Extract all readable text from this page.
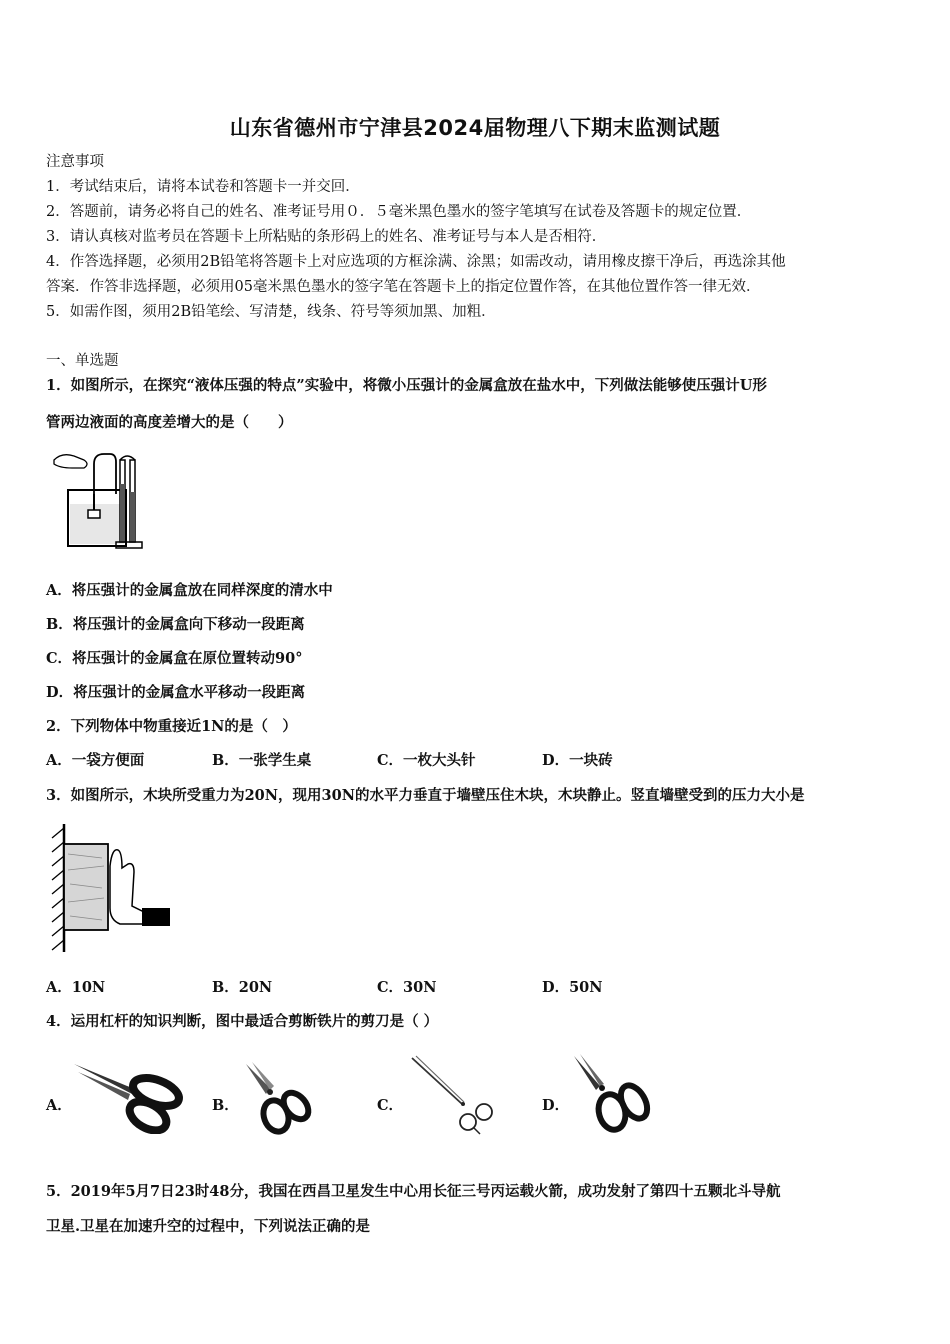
山东省德州市宁津县2024届物理八下期末监测试题
注意事项
1．考试结束后，请将本试卷和答题卡一并交回．
2．答题前，请务必将自己的姓名、准考证号用０．５毫米黑色墨水的签字笔填写在试卷及答题卡的规定位置．
3．请认真核对监考员在答题卡上所粘贴的条形码上的姓名、准考证号与本人是否相符．
4．作答选择题，必须用2B铅笔将答题卡上对应选项的方框涂满、涂黑；如需改动，请用橡皮擦干净后，再选涂其他
答案．作答非选择题，必须用05毫米黑色墨水的签字笔在答题卡上的指定位置作答，在其他位置作答一律无效．
5．如需作图，须用2B铅笔绘、写清楚，线条、符号等须加黑、加粗．
一、单选题
1．如图所示，在探究“液体压强的特点”实验中，将微小压强计的金属盒放在盐水中，下列做法能够使压强计U形
管两边液面的高度差增大的是（　　）
A．将压强计的金属盒放在同样深度的清水中
B．将压强计的金属盒向下移动一段距离
C．将压强计的金属盒在原位置转动90°
D．将压强计的金属盒水平移动一段距离
2．下列物体中物重接近1N的是（　）
A．一袋方便面	B．一张学生桌	C．一枚大头针	D．一块砖
3．如图所示，木块所受重力为20N，现用30N的水平力垂直于墙壁压住木块，木块静止。竖直墙壁受到的压力大小是
A．10N	B．20N	C．30N	D．50N
4．运用杠杆的知识判断，图中最适合剪断铁片的剪刀是（ ）
A．	B．	C．	D．
5．2019年5月7日23时48分，我国在西昌卫星发生中心用长征三号丙运载火箭，成功发射了第四十五颗北斗导航
卫星.卫星在加速升空的过程中，下列说法正确的是
